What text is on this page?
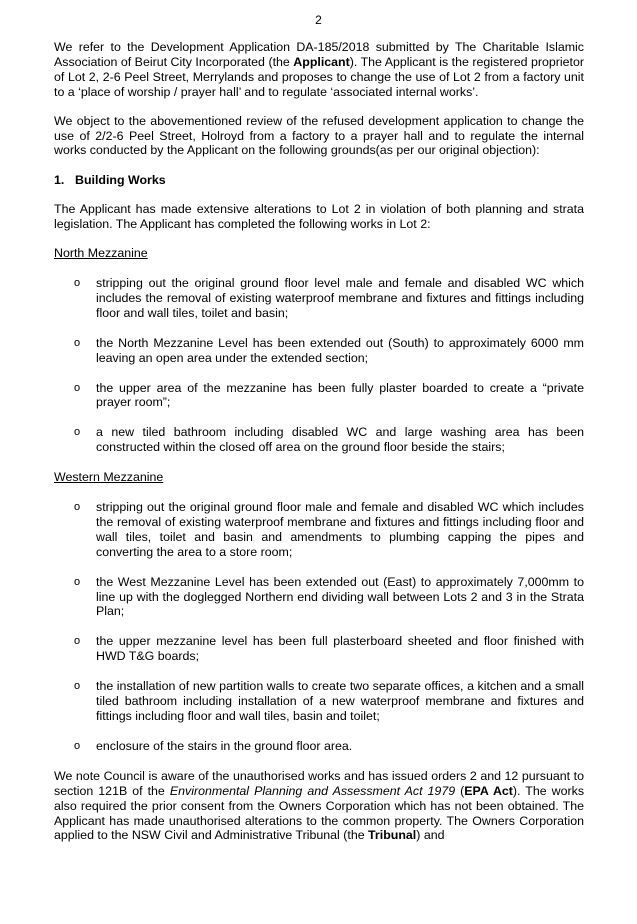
2

We refer to the Development Application DA-185/2018 submitted by The Charitable Islamic Association of Beirut City Incorporated (the Applicant). The Applicant is the registered proprietor of Lot 2, 2-6 Peel Street, Merrylands and proposes to change the use of Lot 2 from a factory unit to a ‘place of worship / prayer hall’ and to regulate ‘associated internal works’.

We object to the abovementioned review of the refused development application to change the use of 2/2-6 Peel Street, Holroyd from a factory to a prayer hall and to regulate the internal works conducted by the Applicant on the following grounds(as per our original objection):

1. Building Works

The Applicant has made extensive alterations to Lot 2 in violation of both planning and strata legislation. The Applicant has completed the following works in Lot 2:

North Mezzanine
o stripping out the original ground floor level male and female and disabled WC which includes the removal of existing waterproof membrane and fixtures and fittings including floor and wall tiles, toilet and basin;
o the North Mezzanine Level has been extended out (South) to approximately 6000 mm leaving an open area under the extended section;
o the upper area of the mezzanine has been fully plaster boarded to create a “private prayer room”;
o a new tiled bathroom including disabled WC and large washing area has been constructed within the closed off area on the ground floor beside the stairs;
Western Mezzanine
o stripping out the original ground floor male and female and disabled WC which includes the removal of existing waterproof membrane and fixtures and fittings including floor and wall tiles, toilet and basin and amendments to plumbing capping the pipes and converting the area to a store room;
o the West Mezzanine Level has been extended out (East) to approximately 7,000mm to line up with the doglegged Northern end dividing wall between Lots 2 and 3 in the Strata Plan;
o the upper mezzanine level has been full plasterboard sheeted and floor finished with HWD T&G boards;
o the installation of new partition walls to create two separate offices, a kitchen and a small tiled bathroom including installation of a new waterproof membrane and fixtures and fittings including floor and wall tiles, basin and toilet;
o enclosure of the stairs in the ground floor area.

We note Council is aware of the unauthorised works and has issued orders 2 and 12 pursuant to section 121B of the Environmental Planning and Assessment Act 1979 (EPA Act). The works also required the prior consent from the Owners Corporation which has not been obtained. The Applicant has made unauthorised alterations to the common property. The Owners Corporation applied to the NSW Civil and Administrative Tribunal (the Tribunal) and
